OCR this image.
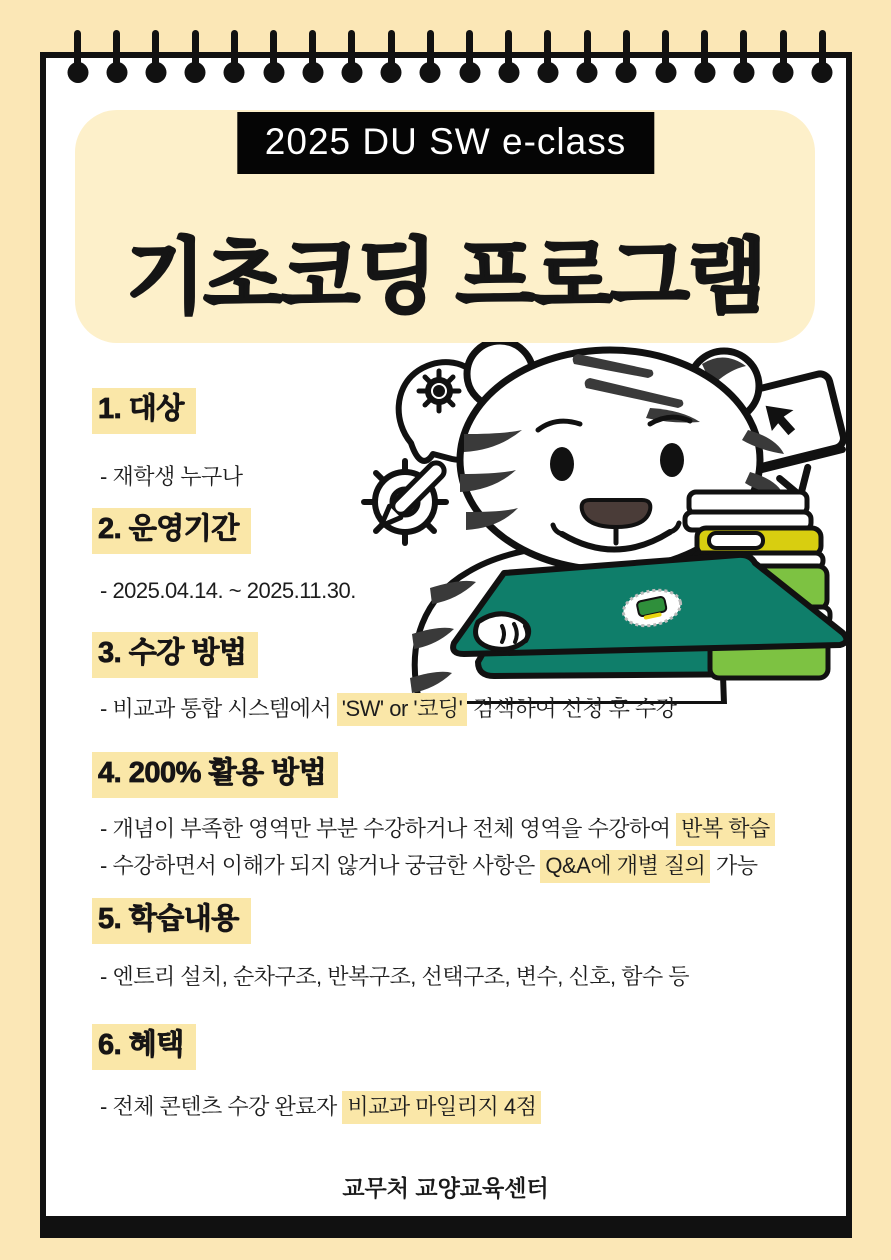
2025 DU SW e-class
기초코딩 프로그램
1. 대상
- 재학생 누구나
2. 운영기간
- 2025.04.14. ~ 2025.11.30.
3. 수강 방법
- 비교과 통합 시스템에서 'SW' or '코딩' 검색하여 신청 후 수강
4. 200% 활용 방법
- 개념이 부족한 영역만 부분 수강하거나 전체 영역을 수강하여 반복 학습
- 수강하면서 이해가 되지 않거나 궁금한 사항은 Q&A에 개별 질의 가능
5. 학습내용
- 엔트리 설치, 순차구조, 반복구조, 선택구조, 변수, 신호, 함수 등
6. 혜택
- 전체 콘텐츠 수강 완료자 비교과 마일리지 4점
교무처 교양교육센터
